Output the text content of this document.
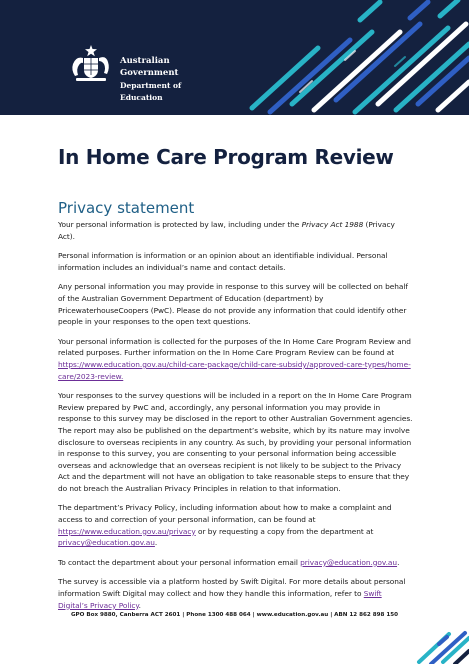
Australian Government
Department of Education
In Home Care Program Review
Privacy statement

Your personal information is protected by law, including under the Privacy Act 1988 (Privacy Act).

Personal information is information or an opinion about an identifiable individual. Personal information includes an individual’s name and contact details.

Any personal information you may provide in response to this survey will be collected on behalf of the Australian Government Department of Education (department) by PricewaterhouseCoopers (PwC). Please do not provide any information that could identify other people in your responses to the open text questions.

Your personal information is collected for the purposes of the In Home Care Program Review and related purposes. Further information on the In Home Care Program Review can be found at https://www.education.gov.au/child-care-package/child-care-subsidy/approved-care-types/home-care/2023-review.

Your responses to the survey questions will be included in a report on the In Home Care Program Review prepared by PwC and, accordingly, any personal information you may provide in response to this survey may be disclosed in the report to other Australian Government agencies. The report may also be published on the department’s website, which by its nature may involve disclosure to overseas recipients in any country. As such, by providing your personal information in response to this survey, you are consenting to your personal information being accessible overseas and acknowledge that an overseas recipient is not likely to be subject to the Privacy Act and the department will not have an obligation to take reasonable steps to ensure that they do not breach the Australian Privacy Principles in relation to that information.

The department’s Privacy Policy, including information about how to make a complaint and access to and correction of your personal information, can be found at https://www.education.gov.au/privacy or by requesting a copy from the department at privacy@education.gov.au.

To contact the department about your personal information email privacy@education.gov.au.

The survey is accessible via a platform hosted by Swift Digital. For more details about personal information Swift Digital may collect and how they handle this information, refer to Swift Digital’s Privacy Policy.

GPO Box 9880, Canberra ACT 2601 | Phone 1300 488 064 | www.education.gov.au | ABN 12 862 898 150
